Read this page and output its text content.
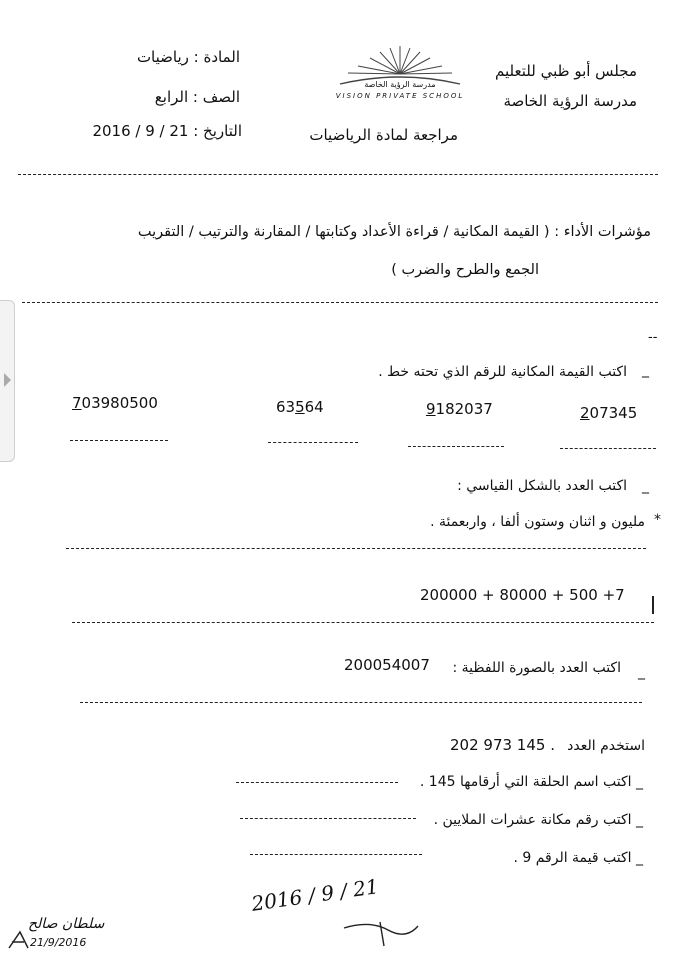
مجلس أبو ظبي للتعليم
مدرسة الرؤية الخاصة
المادة : رياضيات
الصف : الرابع
التاريخ : 21 / 9 / 2016
مدرسة الرؤية الخاصة
VISION PRIVATE SCHOOL
مراجعة لمادة الرياضيات
مؤشرات الأداء : ( القيمة المكانية / قراءة الأعداد وكتابتها / المقارنة والترتيب / التقريب
الجمع والطرح والضرب )
--
_
اكتب القيمة المكانية للرقم الذي تحته خط .
207345
9182037
63564
703980500
_
اكتب العدد بالشكل القياسي :
*
مليون و اثنان وستون ألفا ، واربعمئة .
200000 + 80000 + 500 +7
_
اكتب العدد بالصورة اللفظية :
200054007
استخدم العدد
202 973 145 .
_ اكتب اسم الحلقة التي أرقامها 145 .
_ اكتب رقم مكانة عشرات الملايين .
_ اكتب قيمة الرقم 9 .
2016 / 9 / 21
سلطان صالح
21/9/2016
